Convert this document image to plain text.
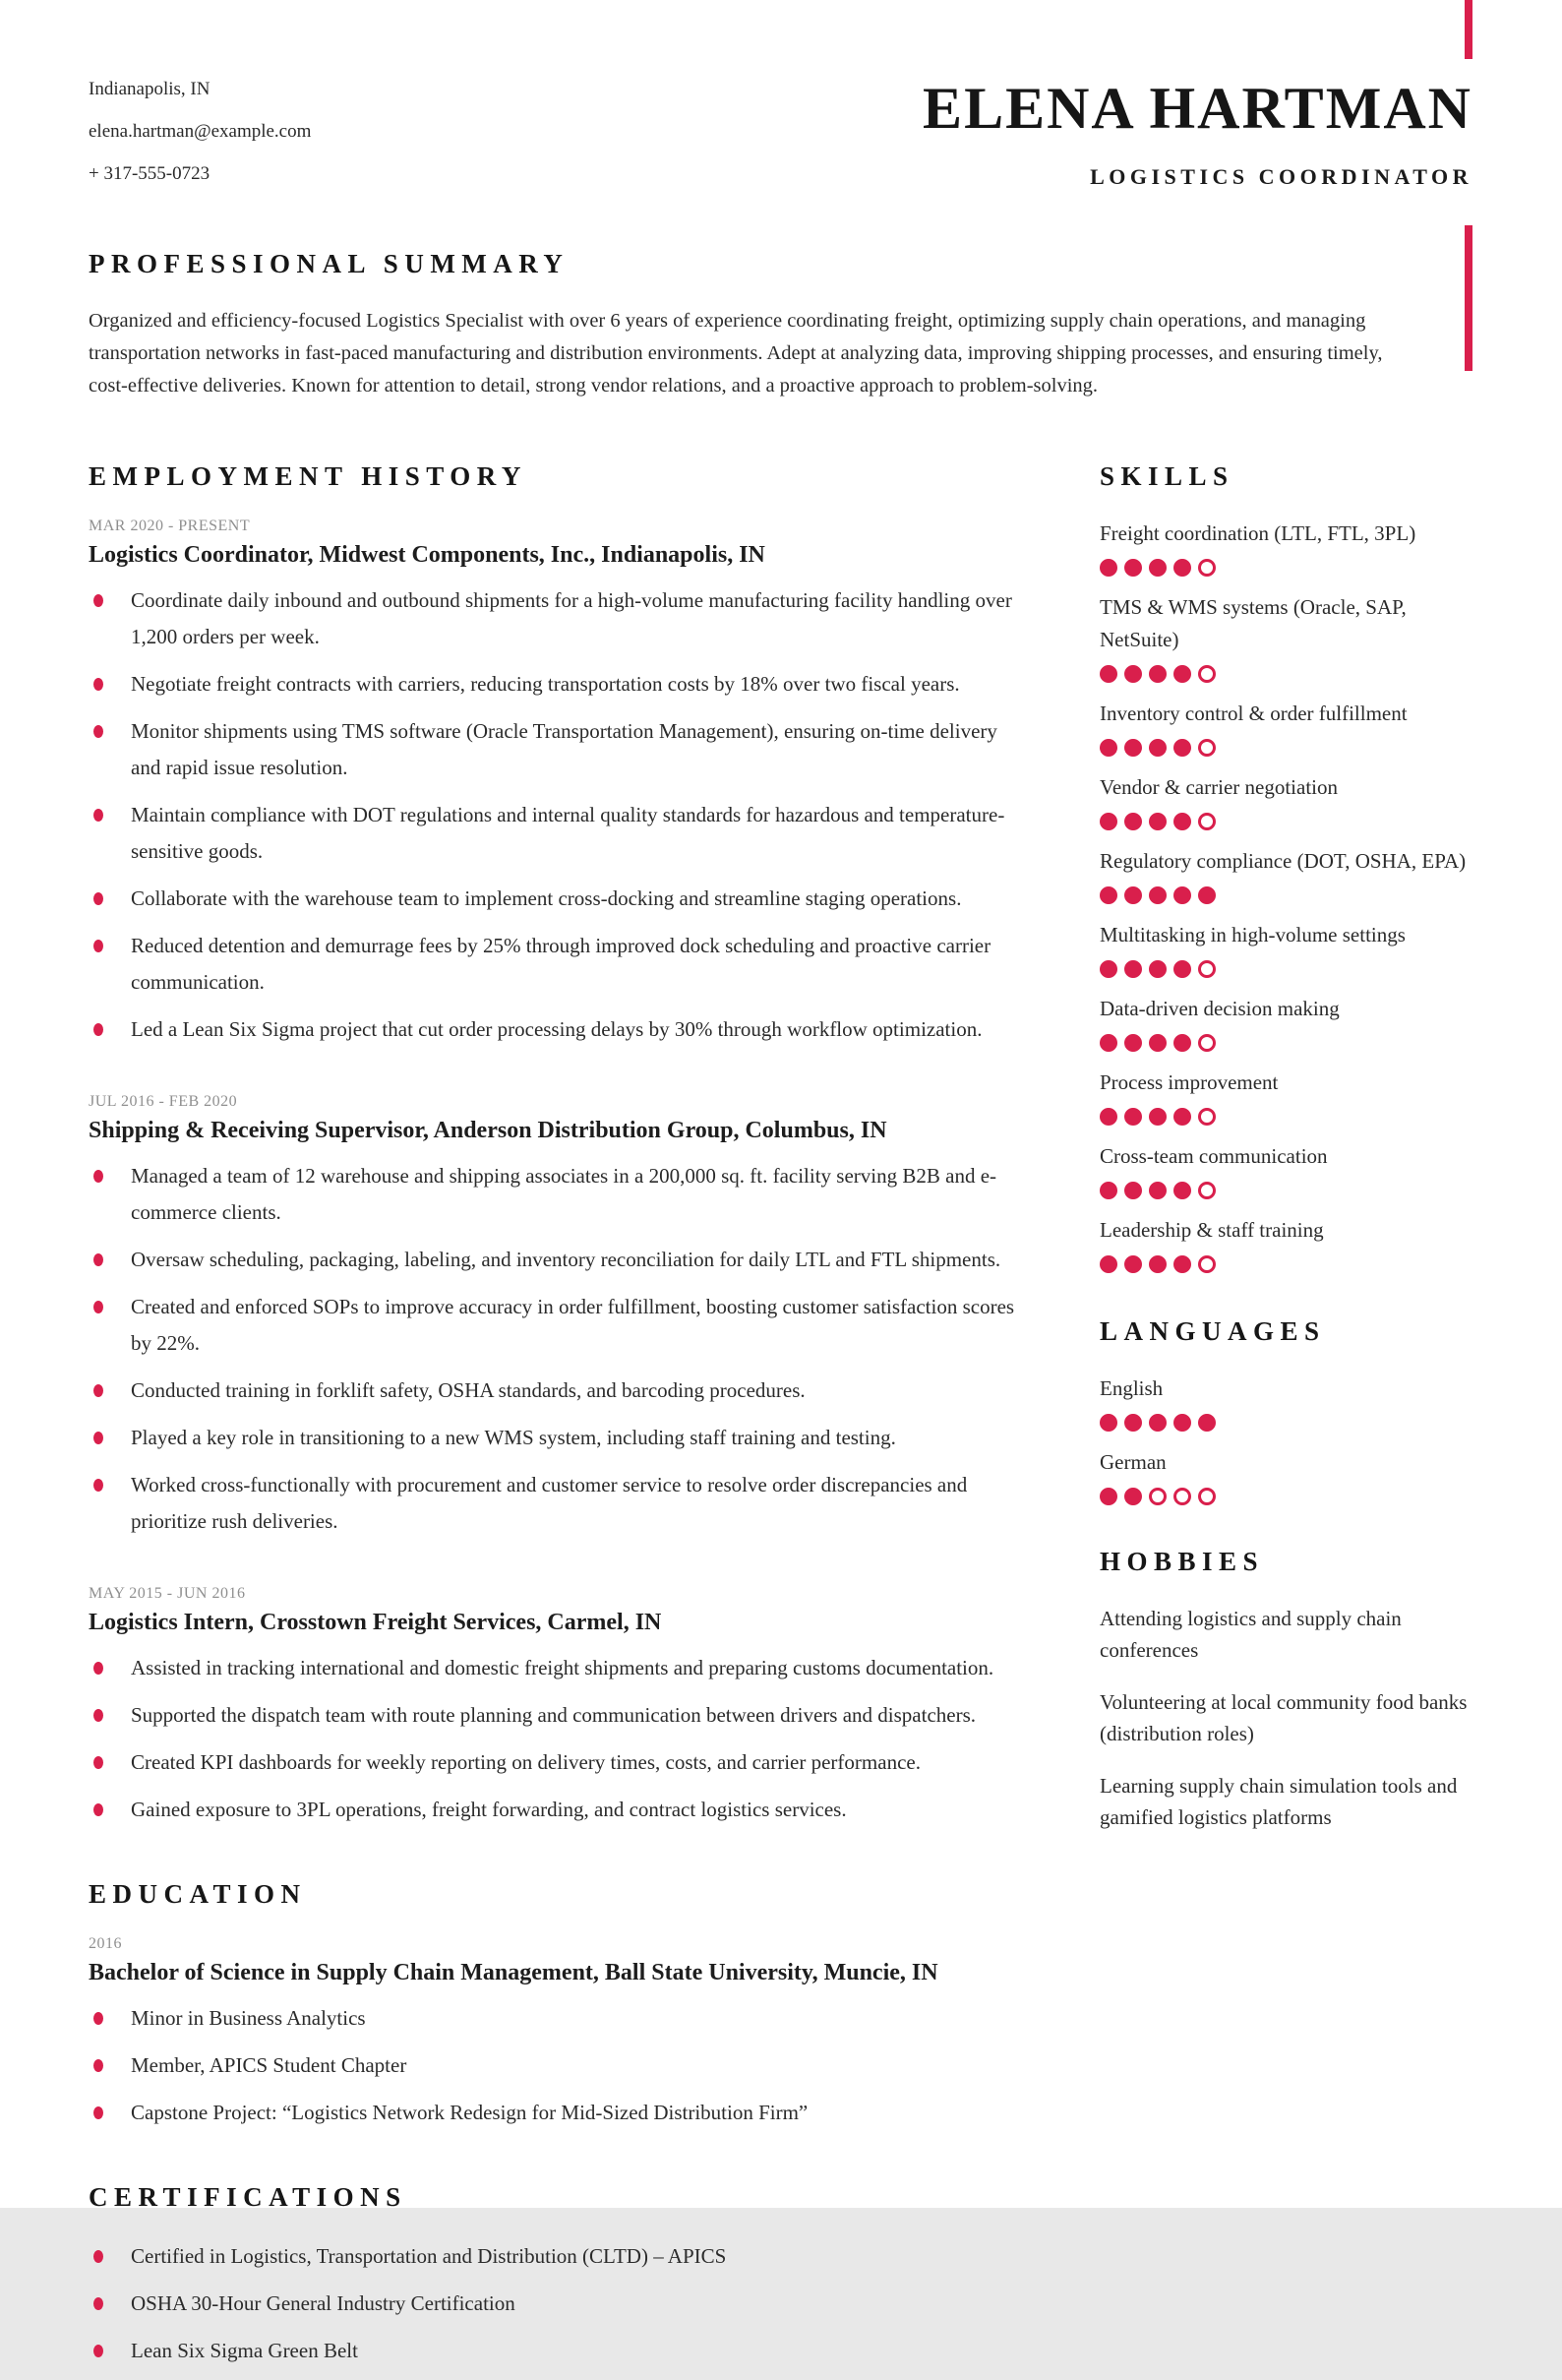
Indianapolis, IN
elena.hartman@example.com
+ 317-555-0723
ELENA HARTMAN
LOGISTICS COORDINATOR
PROFESSIONAL SUMMARY

Organized and efficiency-focused Logistics Specialist with over 6 years of experience coordinating freight, optimizing supply chain operations, and managing transportation networks in fast-paced manufacturing and distribution environments. Adept at analyzing data, improving shipping processes, and ensuring timely, cost-effective deliveries. Known for attention to detail, strong vendor relations, and a proactive approach to problem-solving.

EMPLOYMENT HISTORY
MAR 2020 - PRESENT
Logistics Coordinator, Midwest Components, Inc., Indianapolis, IN

Coordinate daily inbound and outbound shipments for a high-volume manufacturing facility handling over 1,200 orders per week.

Negotiate freight contracts with carriers, reducing transportation costs by 18% over two fiscal years.

Monitor shipments using TMS software (Oracle Transportation Management), ensuring on-time delivery and rapid issue resolution.

Maintain compliance with DOT regulations and internal quality standards for hazardous and temperature-sensitive goods.

Collaborate with the warehouse team to implement cross-docking and streamline staging operations.

Reduced detention and demurrage fees by 25% through improved dock scheduling and proactive carrier communication.

Led a Lean Six Sigma project that cut order processing delays by 30% through workflow optimization.

JUL 2016 - FEB 2020
Shipping & Receiving Supervisor, Anderson Distribution Group, Columbus, IN

Managed a team of 12 warehouse and shipping associates in a 200,000 sq. ft. facility serving B2B and e-commerce clients.

Oversaw scheduling, packaging, labeling, and inventory reconciliation for daily LTL and FTL shipments.

Created and enforced SOPs to improve accuracy in order fulfillment, boosting customer satisfaction scores by 22%.

Conducted training in forklift safety, OSHA standards, and barcoding procedures.

Played a key role in transitioning to a new WMS system, including staff training and testing.

Worked cross-functionally with procurement and customer service to resolve order discrepancies and prioritize rush deliveries.

MAY 2015 - JUN 2016
Logistics Intern, Crosstown Freight Services, Carmel, IN

Assisted in tracking international and domestic freight shipments and preparing customs documentation.

Supported the dispatch team with route planning and communication between drivers and dispatchers.

Created KPI dashboards for weekly reporting on delivery times, costs, and carrier performance.

Gained exposure to 3PL operations, freight forwarding, and contract logistics services.

EDUCATION
2016
Bachelor of Science in Supply Chain Management, Ball State University, Muncie, IN

Minor in Business Analytics

Member, APICS Student Chapter

Capstone Project: “Logistics Network Redesign for Mid-Sized Distribution Firm”

CERTIFICATIONS

Certified in Logistics, Transportation and Distribution (CLTD) – APICS

OSHA 30-Hour General Industry Certification

Lean Six Sigma Green Belt

SKILLS
Freight coordination (LTL, FTL, 3PL)
TMS & WMS systems (Oracle, SAP, NetSuite)
Inventory control & order fulfillment
Vendor & carrier negotiation
Regulatory compliance (DOT, OSHA, EPA)
Multitasking in high-volume settings
Data-driven decision making
Process improvement
Cross-team communication
Leadership & staff training
LANGUAGES
English
German
HOBBIES

Attending logistics and supply chain conferences

Volunteering at local community food banks (distribution roles)

Learning supply chain simulation tools and gamified logistics platforms
